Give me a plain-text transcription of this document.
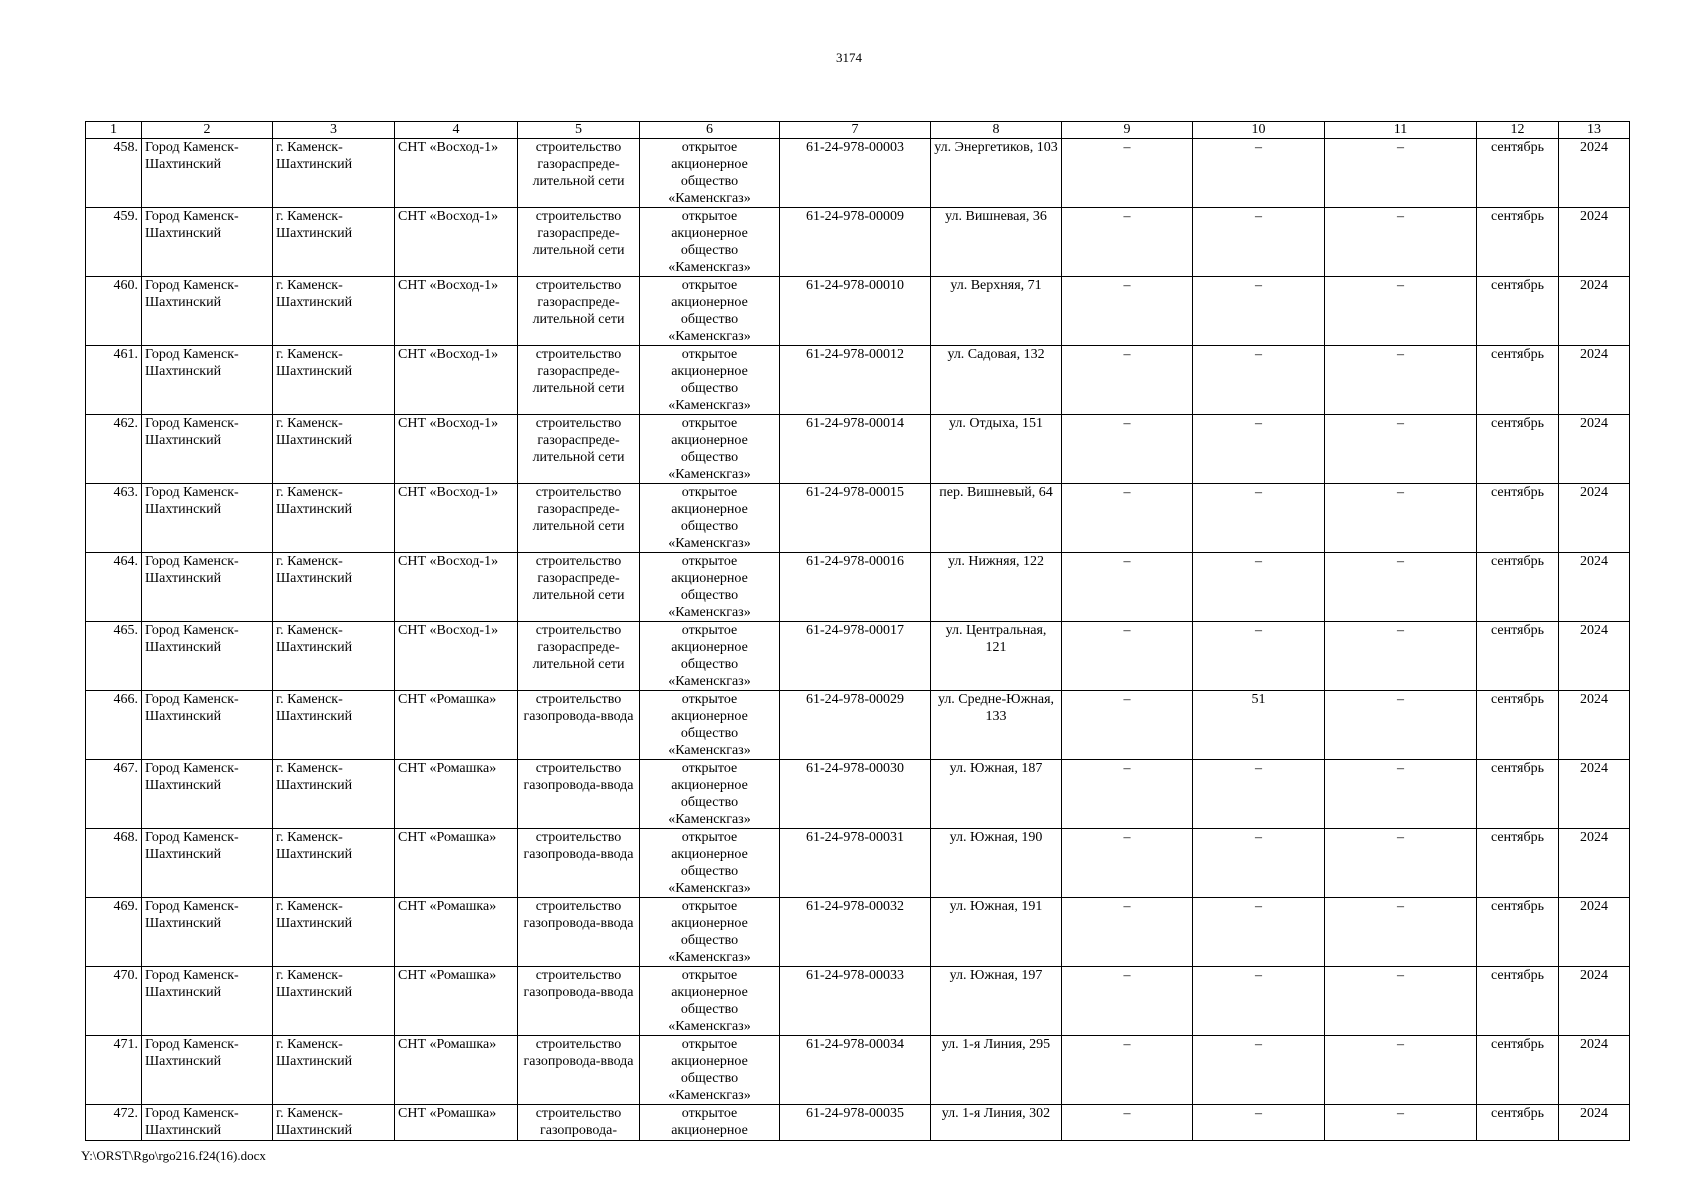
3174
1	2	3	4	5	6	7	8	9	10	11	12	13
458.	Город Каменск-Шахтинский	г. Каменск-Шахтинский	СНТ «Восход-1»	строительство газораспреде-лительной сети	открытое акционерное общество «Каменскгаз»	61-24-978-00003	ул. Энергетиков, 103	–	–	–	сентябрь	2024
459.	Город Каменск-Шахтинский	г. Каменск-Шахтинский	СНТ «Восход-1»	строительство газораспреде-лительной сети	открытое акционерное общество «Каменскгаз»	61-24-978-00009	ул. Вишневая, 36	–	–	–	сентябрь	2024
460.	Город Каменск-Шахтинский	г. Каменск-Шахтинский	СНТ «Восход-1»	строительство газораспреде-лительной сети	открытое акционерное общество «Каменскгаз»	61-24-978-00010	ул. Верхняя, 71	–	–	–	сентябрь	2024
461.	Город Каменск-Шахтинский	г. Каменск-Шахтинский	СНТ «Восход-1»	строительство газораспреде-лительной сети	открытое акционерное общество «Каменскгаз»	61-24-978-00012	ул. Садовая, 132	–	–	–	сентябрь	2024
462.	Город Каменск-Шахтинский	г. Каменск-Шахтинский	СНТ «Восход-1»	строительство газораспреде-лительной сети	открытое акционерное общество «Каменскгаз»	61-24-978-00014	ул. Отдыха, 151	–	–	–	сентябрь	2024
463.	Город Каменск-Шахтинский	г. Каменск-Шахтинский	СНТ «Восход-1»	строительство газораспреде-лительной сети	открытое акционерное общество «Каменскгаз»	61-24-978-00015	пер. Вишневый, 64	–	–	–	сентябрь	2024
464.	Город Каменск-Шахтинский	г. Каменск-Шахтинский	СНТ «Восход-1»	строительство газораспреде-лительной сети	открытое акционерное общество «Каменскгаз»	61-24-978-00016	ул. Нижняя, 122	–	–	–	сентябрь	2024
465.	Город Каменск-Шахтинский	г. Каменск-Шахтинский	СНТ «Восход-1»	строительство газораспреде-лительной сети	открытое акционерное общество «Каменскгаз»	61-24-978-00017	ул. Центральная, 121	–	–	–	сентябрь	2024
466.	Город Каменск-Шахтинский	г. Каменск-Шахтинский	СНТ «Ромашка»	строительство газопровода-ввода	открытое акционерное общество «Каменскгаз»	61-24-978-00029	ул. Средне-Южная, 133	–	51	–	сентябрь	2024
467.	Город Каменск-Шахтинский	г. Каменск-Шахтинский	СНТ «Ромашка»	строительство газопровода-ввода	открытое акционерное общество «Каменскгаз»	61-24-978-00030	ул. Южная, 187	–	–	–	сентябрь	2024
468.	Город Каменск-Шахтинский	г. Каменск-Шахтинский	СНТ «Ромашка»	строительство газопровода-ввода	открытое акционерное общество «Каменскгаз»	61-24-978-00031	ул. Южная, 190	–	–	–	сентябрь	2024
469.	Город Каменск-Шахтинский	г. Каменск-Шахтинский	СНТ «Ромашка»	строительство газопровода-ввода	открытое акционерное общество «Каменскгаз»	61-24-978-00032	ул. Южная, 191	–	–	–	сентябрь	2024
470.	Город Каменск-Шахтинский	г. Каменск-Шахтинский	СНТ «Ромашка»	строительство газопровода-ввода	открытое акционерное общество «Каменскгаз»	61-24-978-00033	ул. Южная, 197	–	–	–	сентябрь	2024
471.	Город Каменск-Шахтинский	г. Каменск-Шахтинский	СНТ «Ромашка»	строительство газопровода-ввода	открытое акционерное общество «Каменскгаз»	61-24-978-00034	ул. 1-я Линия, 295	–	–	–	сентябрь	2024

472.	Город Каменск-Шахтинский	г. Каменск-Шахтинский	СНТ «Ромашка»	строительство газопровода-	открытое акционерное	61-24-978-00035	ул. 1-я Линия, 302	–	–	–	сентябрь	2024
Y:\ORST\Rgo\rgo216.f24(16).docx
